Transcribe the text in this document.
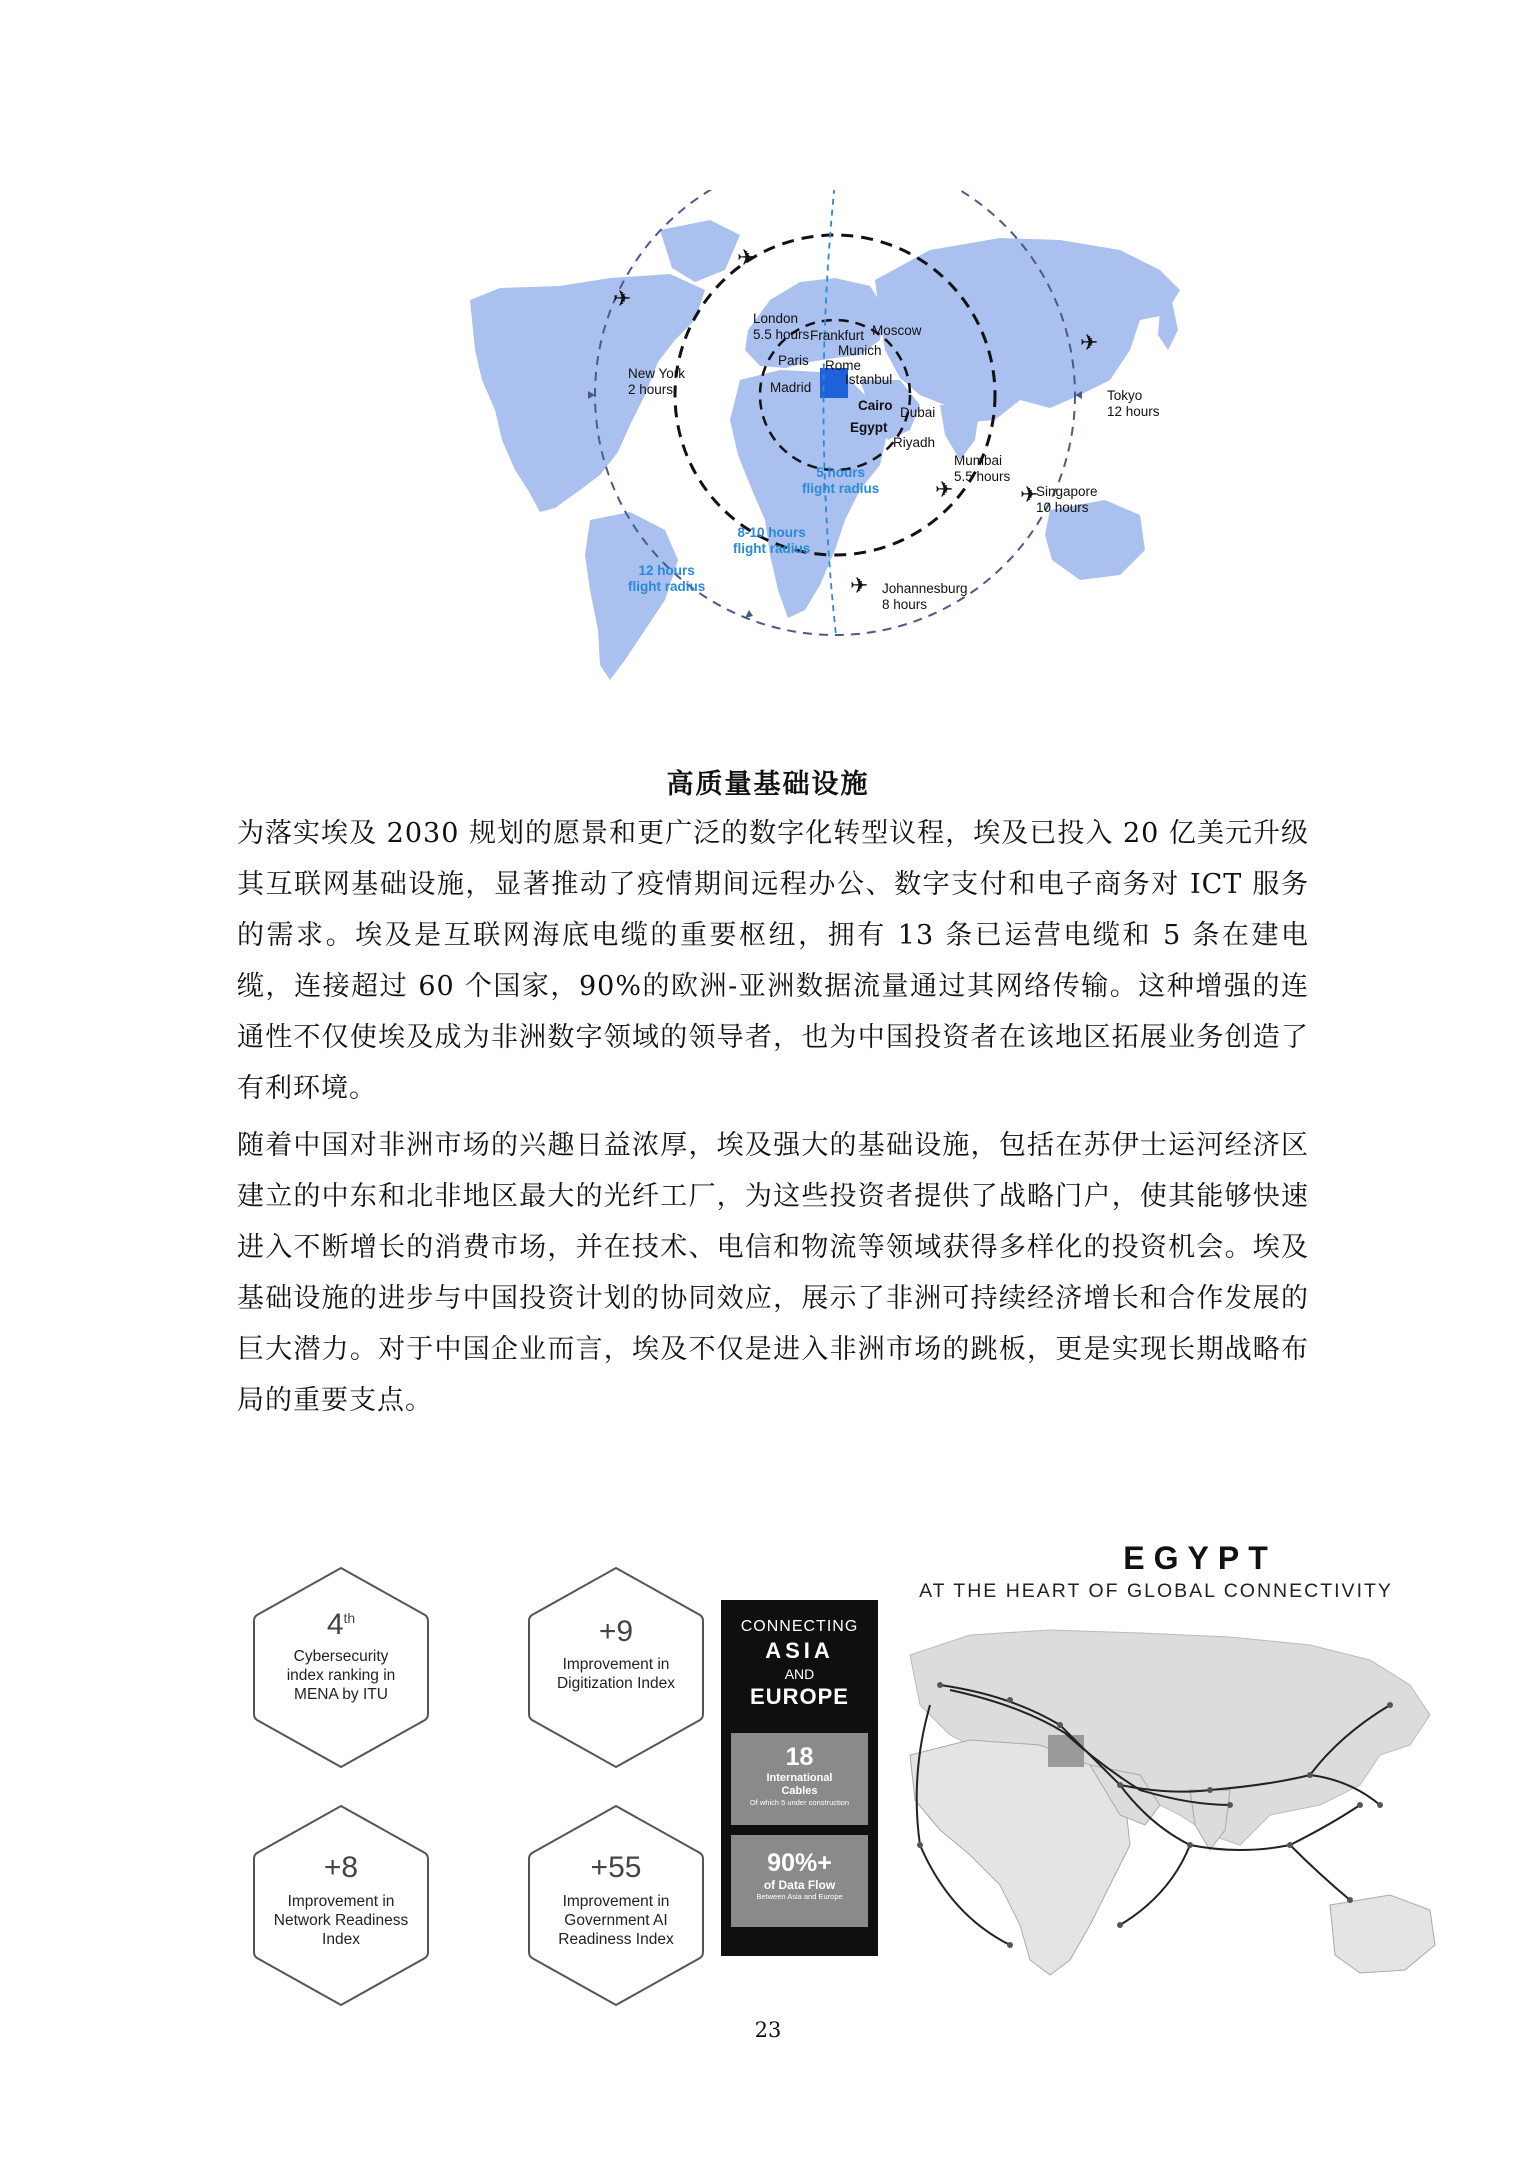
✈
✈
✈
✈	✈
✈
London
5.5 hours
New York
2 hours
Frankfurt Moscow
Paris
Munich
Rome
Istanbul
Madrid
Cairo
Egypt
Dubai
Riyadh
Tokyo
12 hours
Mumbai
5.5 hours
Singapore
10 hours
Johannesburg
8 hours
5 hours
flight radius
8-10 hours
flight radius
12 hours
flight radius
高质量基础设施
为落实埃及 2030 规划的愿景和更广泛的数字化转型议程，埃及已投入 20 亿美元升级其互联网基础设施，显著推动了疫情期间远程办公、数字支付和电子商务对 ICT 服务的需求。埃及是互联网海底电缆的重要枢纽，拥有 13 条已运营电缆和 5 条在建电缆，连接超过 60 个国家，90%的欧洲-亚洲数据流量通过其网络传输。这种增强的连通性不仅使埃及成为非洲数字领域的领导者，也为中国投资者在该地区拓展业务创造了有利环境。
随着中国对非洲市场的兴趣日益浓厚，埃及强大的基础设施，包括在苏伊士运河经济区建立的中东和北非地区最大的光纤工厂，为这些投资者提供了战略门户，使其能够快速进入不断增长的消费市场，并在技术、电信和物流等领域获得多样化的投资机会。埃及基础设施的进步与中国投资计划的协同效应，展示了非洲可持续经济增长和合作发展的巨大潜力。对于中国企业而言，埃及不仅是进入非洲市场的跳板，更是实现长期战略布局的重要支点。
4th
Cybersecurity
index ranking in
MENA by ITU
+9
Improvement in
Digitization Index
+8
Improvement in
Network Readiness
Index
+55
Improvement in
Government AI
Readiness Index
CONNECTING
ASIA
AND
EUROPE
18
International
Cables
Of which 5 under construction
90%+
of Data Flow
Between Asia and Europe
EGYPT
AT THE HEART OF GLOBAL CONNECTIVITY
23
